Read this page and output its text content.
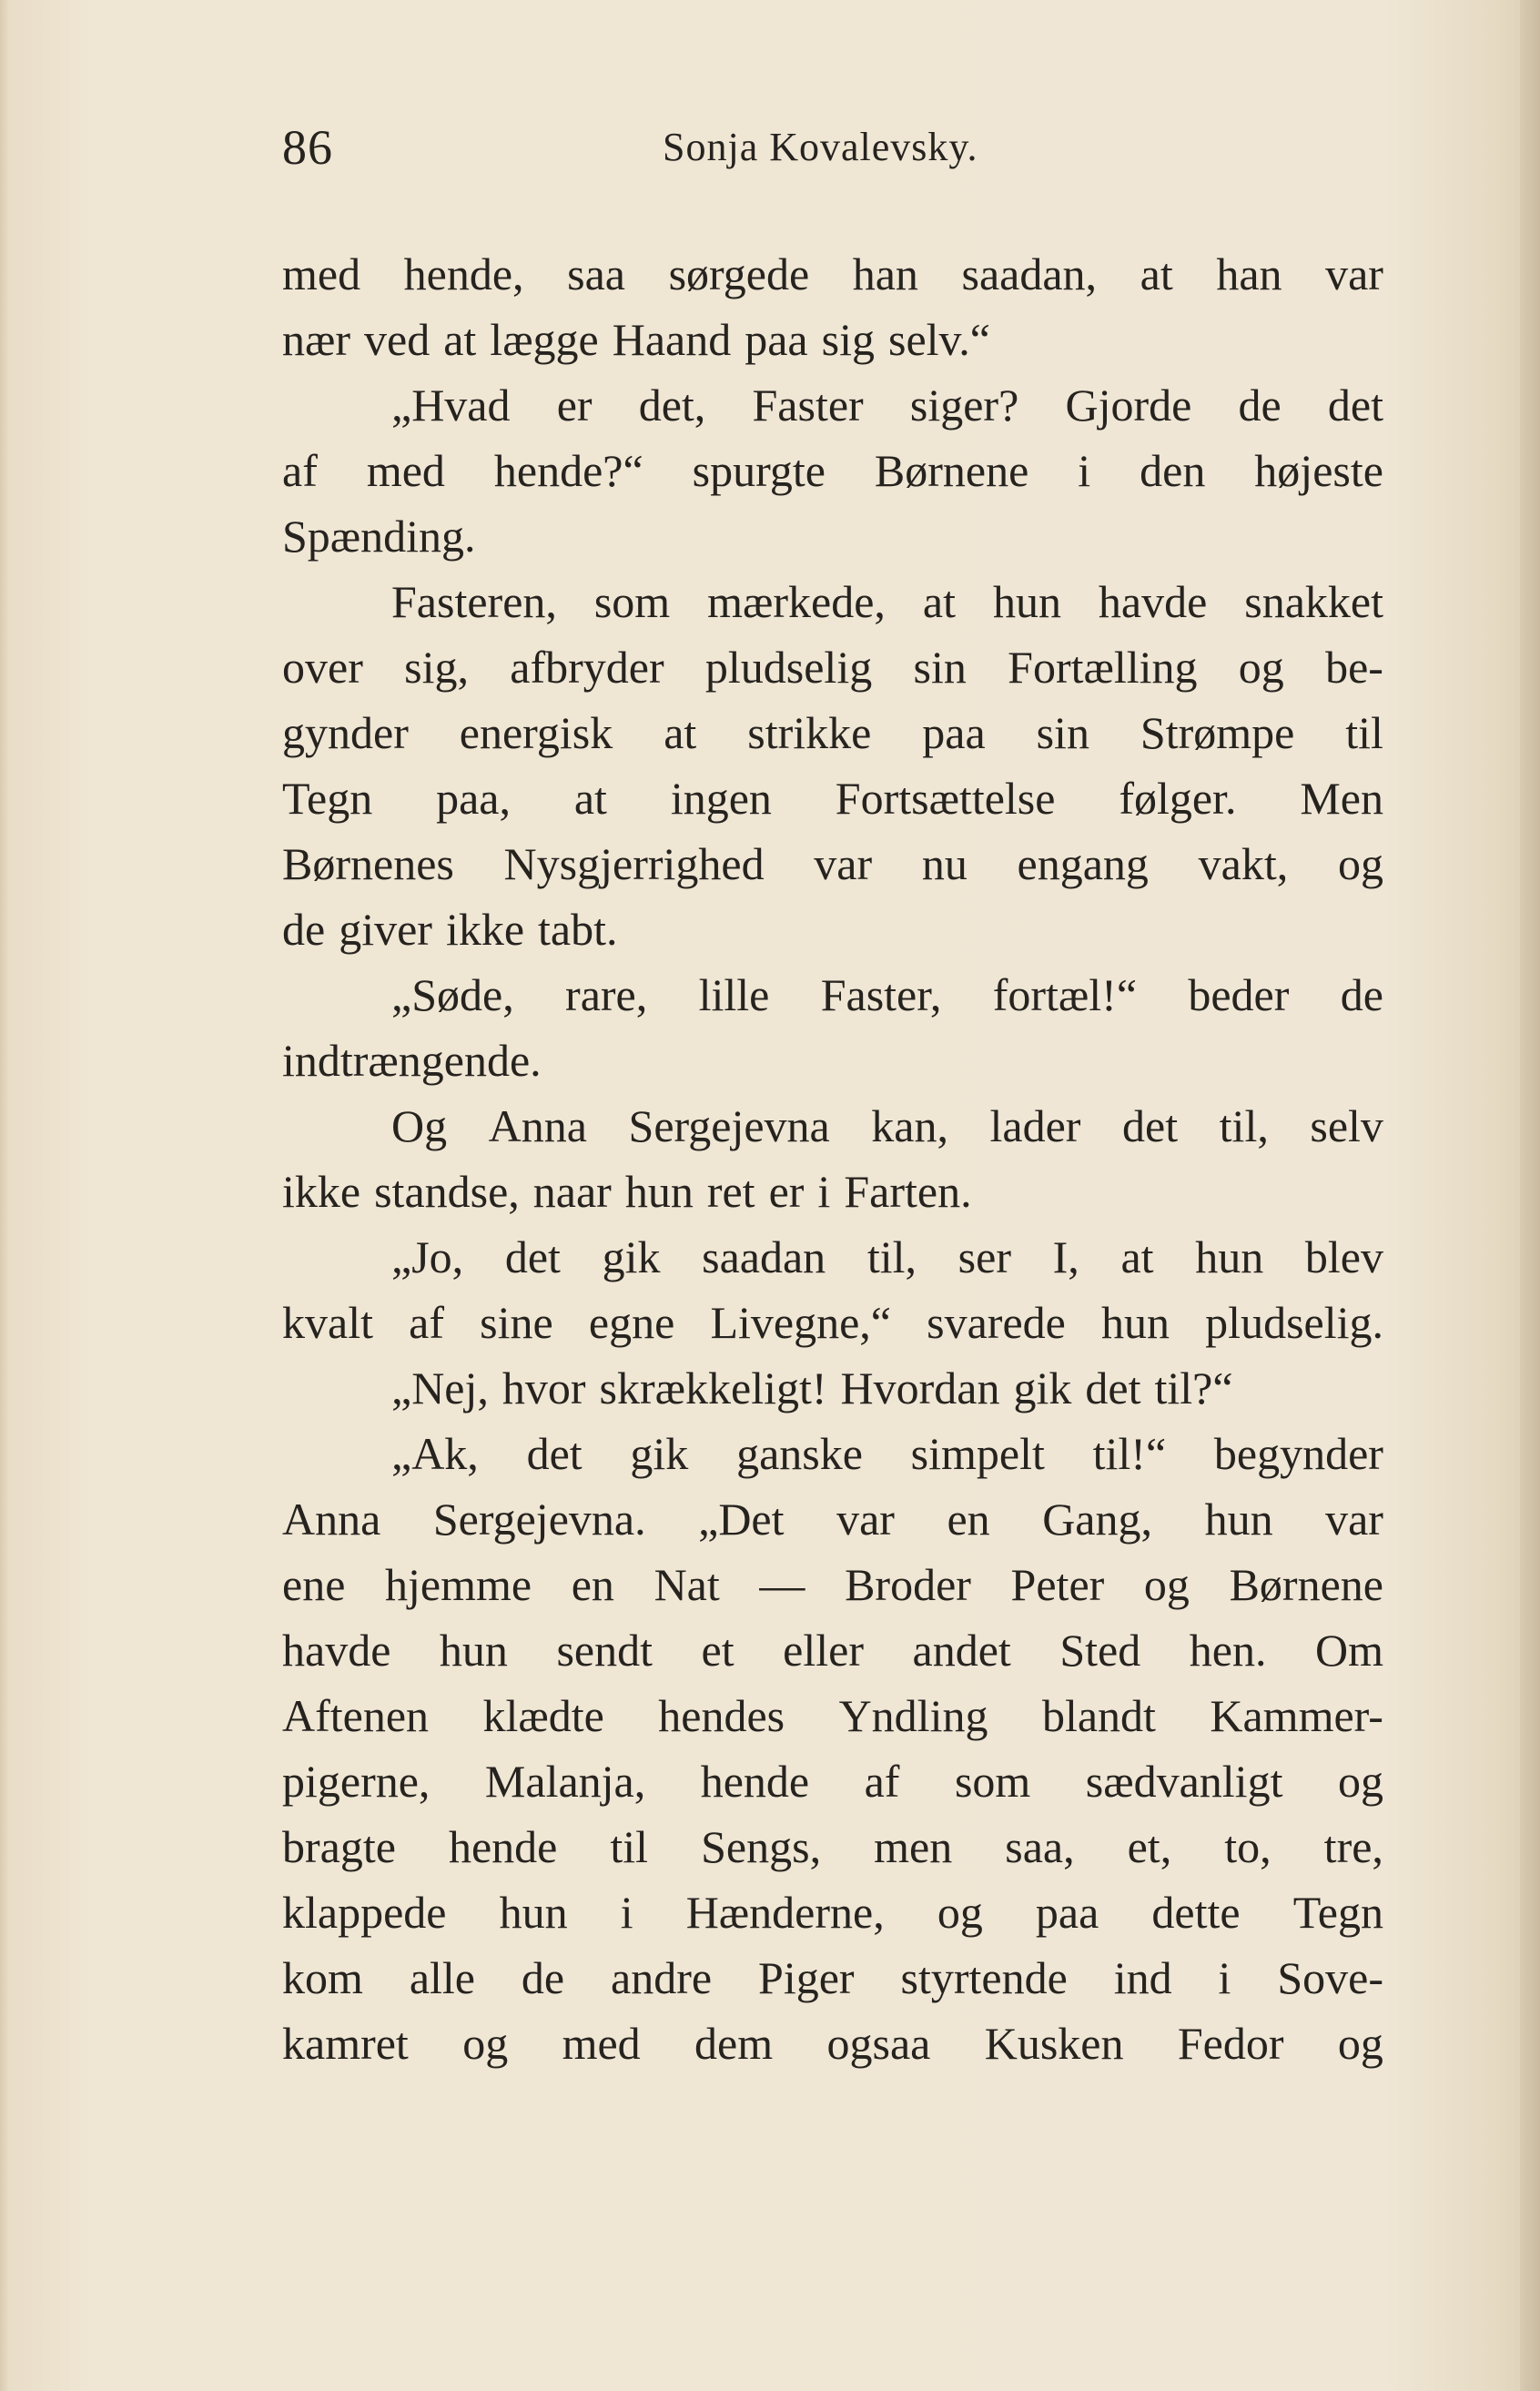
86	Sonja Kovalevsky.
med hende, saa sørgede han saadan, at han var
nær ved at lægge Haand paa sig selv.“
„Hvad er det, Faster siger? Gjorde de det
af med hende?“ spurgte Børnene i den højeste
Spænding.
Fasteren, som mærkede, at hun havde snakket
over sig, afbryder pludselig sin Fortælling og be-
gynder energisk at strikke paa sin Strømpe til
Tegn paa, at ingen Fortsættelse følger. Men
Børnenes Nysgjerrighed var nu engang vakt, og
de giver ikke tabt.
„Søde, rare, lille Faster, fortæl!“ beder de
indtrængende.
Og Anna Sergejevna kan, lader det til, selv
ikke standse, naar hun ret er i Farten.
„Jo, det gik saadan til, ser I, at hun blev
kvalt af sine egne Livegne,“ svarede hun pludselig.
„Nej, hvor skrækkeligt! Hvordan gik det til?“
„Ak, det gik ganske simpelt til!“ begynder
Anna Sergejevna. „Det var en Gang, hun var
ene hjemme en Nat — Broder Peter og Børnene
havde hun sendt et eller andet Sted hen. Om
Aftenen klædte hendes Yndling blandt Kammer-
pigerne, Malanja, hende af som sædvanligt og
bragte hende til Sengs, men saa, et, to, tre,
klappede hun i Hænderne, og paa dette Tegn
kom alle de andre Piger styrtende ind i Sove-
kamret og med dem ogsaa Kusken Fedor og
